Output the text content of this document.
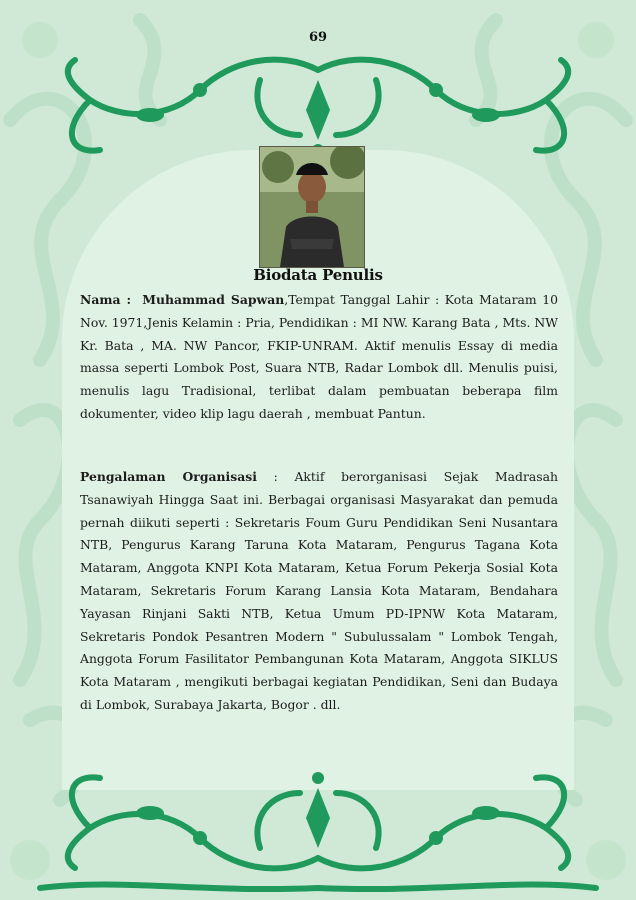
69
Biodata Penulis
Nama : Muhammad Sapwan,Tempat Tanggal Lahir : Kota Mataram 10 Nov. 1971,Jenis Kelamin : Pria, Pendidikan : MI NW. Karang Bata , Mts. NW Kr. Bata , MA. NW Pancor, FKIP-UNRAM. Aktif menulis Essay di media massa seperti Lombok Post, Suara NTB, Radar Lombok dll. Menulis puisi, menulis lagu Tradisional, terlibat dalam pembuatan beberapa film dokumenter, video klip lagu daerah , membuat Pantun.
Pengalaman Organisasi : Aktif berorganisasi Sejak Madrasah Tsanawiyah Hingga Saat ini. Berbagai organisasi Masyarakat dan pemuda pernah diikuti seperti : Sekretaris Foum Guru Pendidikan Seni Nusantara NTB, Pengurus Karang Taruna Kota Mataram, Pengurus Tagana Kota Mataram, Anggota KNPI Kota Mataram, Ketua Forum Pekerja Sosial Kota Mataram, Sekretaris Forum Karang Lansia Kota Mataram, Bendahara Yayasan Rinjani Sakti NTB, Ketua Umum PD-IPNW Kota Mataram, Sekretaris Pondok Pesantren Modern " Subulussalam " Lombok Tengah, Anggota Forum Fasilitator Pembangunan Kota Mataram, Anggota SIKLUS Kota Mataram , mengikuti berbagai kegiatan Pendidikan, Seni dan Budaya di Lombok, Surabaya Jakarta, Bogor . dll.
